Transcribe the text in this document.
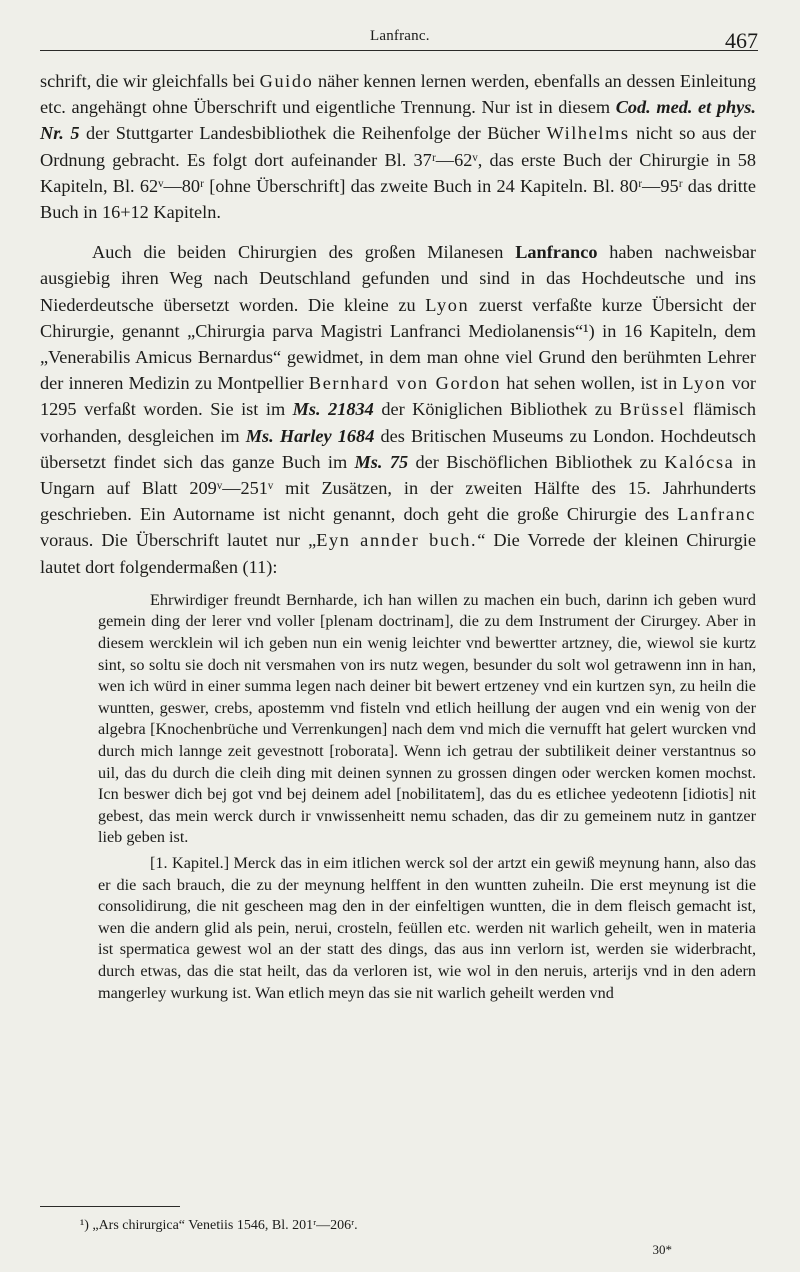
Lanfranc.	467

schrift, die wir gleichfalls bei Guido näher kennen lernen werden, ebenfalls an dessen Einleitung etc. angehängt ohne Überschrift und eigentliche Trennung. Nur ist in diesem Cod. med. et phys. Nr. 5 der Stuttgarter Landesbibliothek die Reihenfolge der Bücher Wilhelms nicht so aus der Ordnung gebracht. Es folgt dort aufeinander Bl. 37ʳ—62ᵛ, das erste Buch der Chirurgie in 58 Kapiteln, Bl. 62ᵛ—80ʳ [ohne Überschrift] das zweite Buch in 24 Kapiteln. Bl. 80ʳ—95ʳ das dritte Buch in 16+12 Kapiteln.

Auch die beiden Chirurgien des großen Milanesen Lanfranco haben nachweisbar ausgiebig ihren Weg nach Deutschland gefunden und sind in das Hochdeutsche und ins Niederdeutsche übersetzt worden. Die kleine zu Lyon zuerst verfaßte kurze Übersicht der Chirurgie, genannt „Chirurgia parva Magistri Lanfranci Mediolanensis“¹) in 16 Kapiteln, dem „Venerabilis Amicus Bernardus“ gewidmet, in dem man ohne viel Grund den berühmten Lehrer der inneren Medizin zu Montpellier Bernhard von Gordon hat sehen wollen, ist in Lyon vor 1295 verfaßt worden. Sie ist im Ms. 21834 der Königlichen Bibliothek zu Brüssel flämisch vorhanden, desgleichen im Ms. Harley 1684 des Britischen Museums zu London. Hochdeutsch übersetzt findet sich das ganze Buch im Ms. 75 der Bischöflichen Bibliothek zu Kalócsa in Ungarn auf Blatt 209ᵛ—251ᵛ mit Zusätzen, in der zweiten Hälfte des 15. Jahrhunderts geschrieben. Ein Autorname ist nicht genannt, doch geht die große Chirurgie des Lanfranc voraus. Die Überschrift lautet nur „Eyn annder buch.“ Die Vorrede der kleinen Chirurgie lautet dort folgendermaßen (11):

Ehrwirdiger freundt Bernharde, ich han willen zu machen ein buch, darinn ich geben wurd gemein ding der lerer vnd voller [plenam doctrinam], die zu dem Instrument der Cirurgey. Aber in diesem wercklein wil ich geben nun ein wenig leichter vnd bewertter artzney, die, wiewol sie kurtz sint, so soltu sie doch nit versmahen von irs nutz wegen, besunder du solt wol getrawenn inn in han, wen ich würd in einer summa legen nach deiner bit bewert ertzeney vnd ein kurtzen syn, zu heiln die wuntten, geswer, crebs, apostemm vnd fisteln vnd etlich heillung der augen vnd ein wenig von der algebra [Knochenbrüche und Verrenkungen] nach dem vnd mich die vernufft hat gelert wurcken vnd durch mich lannge zeit gevestnott [roborata]. Wenn ich getrau der subtilikeit deiner verstantnus so uil, das du durch die cleih ding mit deinen synnen zu grossen dingen oder wercken komen mochst. Icn beswer dich bej got vnd bej deinem adel [nobilitatem], das du es etlichee yedeotenn [idiotis] nit gebest, das mein werck durch ir vnwissenheitt nemu schaden, das dir zu gemeinem nutz in gantzer lieb geben ist.

[1. Kapitel.] Merck das in eim itlichen werck sol der artzt ein gewiß meynung hann, also das er die sach brauch, die zu der meynung helffent in den wuntten zuheiln. Die erst meynung ist die consolidirung, die nit gescheen mag den in der einfeltigen wuntten, die in dem fleisch gemacht ist, wen die andern glid als pein, nerui, crosteln, feüllen etc. werden nit warlich geheilt, wen in materia ist spermatica gewest wol an der statt des dings, das aus inn verlorn ist, werden sie widerbracht, durch etwas, das die stat heilt, das da verloren ist, wie wol in den neruis, arterijs vnd in den adern mangerley wurkung ist. Wan etlich meyn das sie nit warlich geheilt werden vnd

¹) „Ars chirurgica“ Venetiis 1546, Bl. 201ʳ—206ʳ.
30*
